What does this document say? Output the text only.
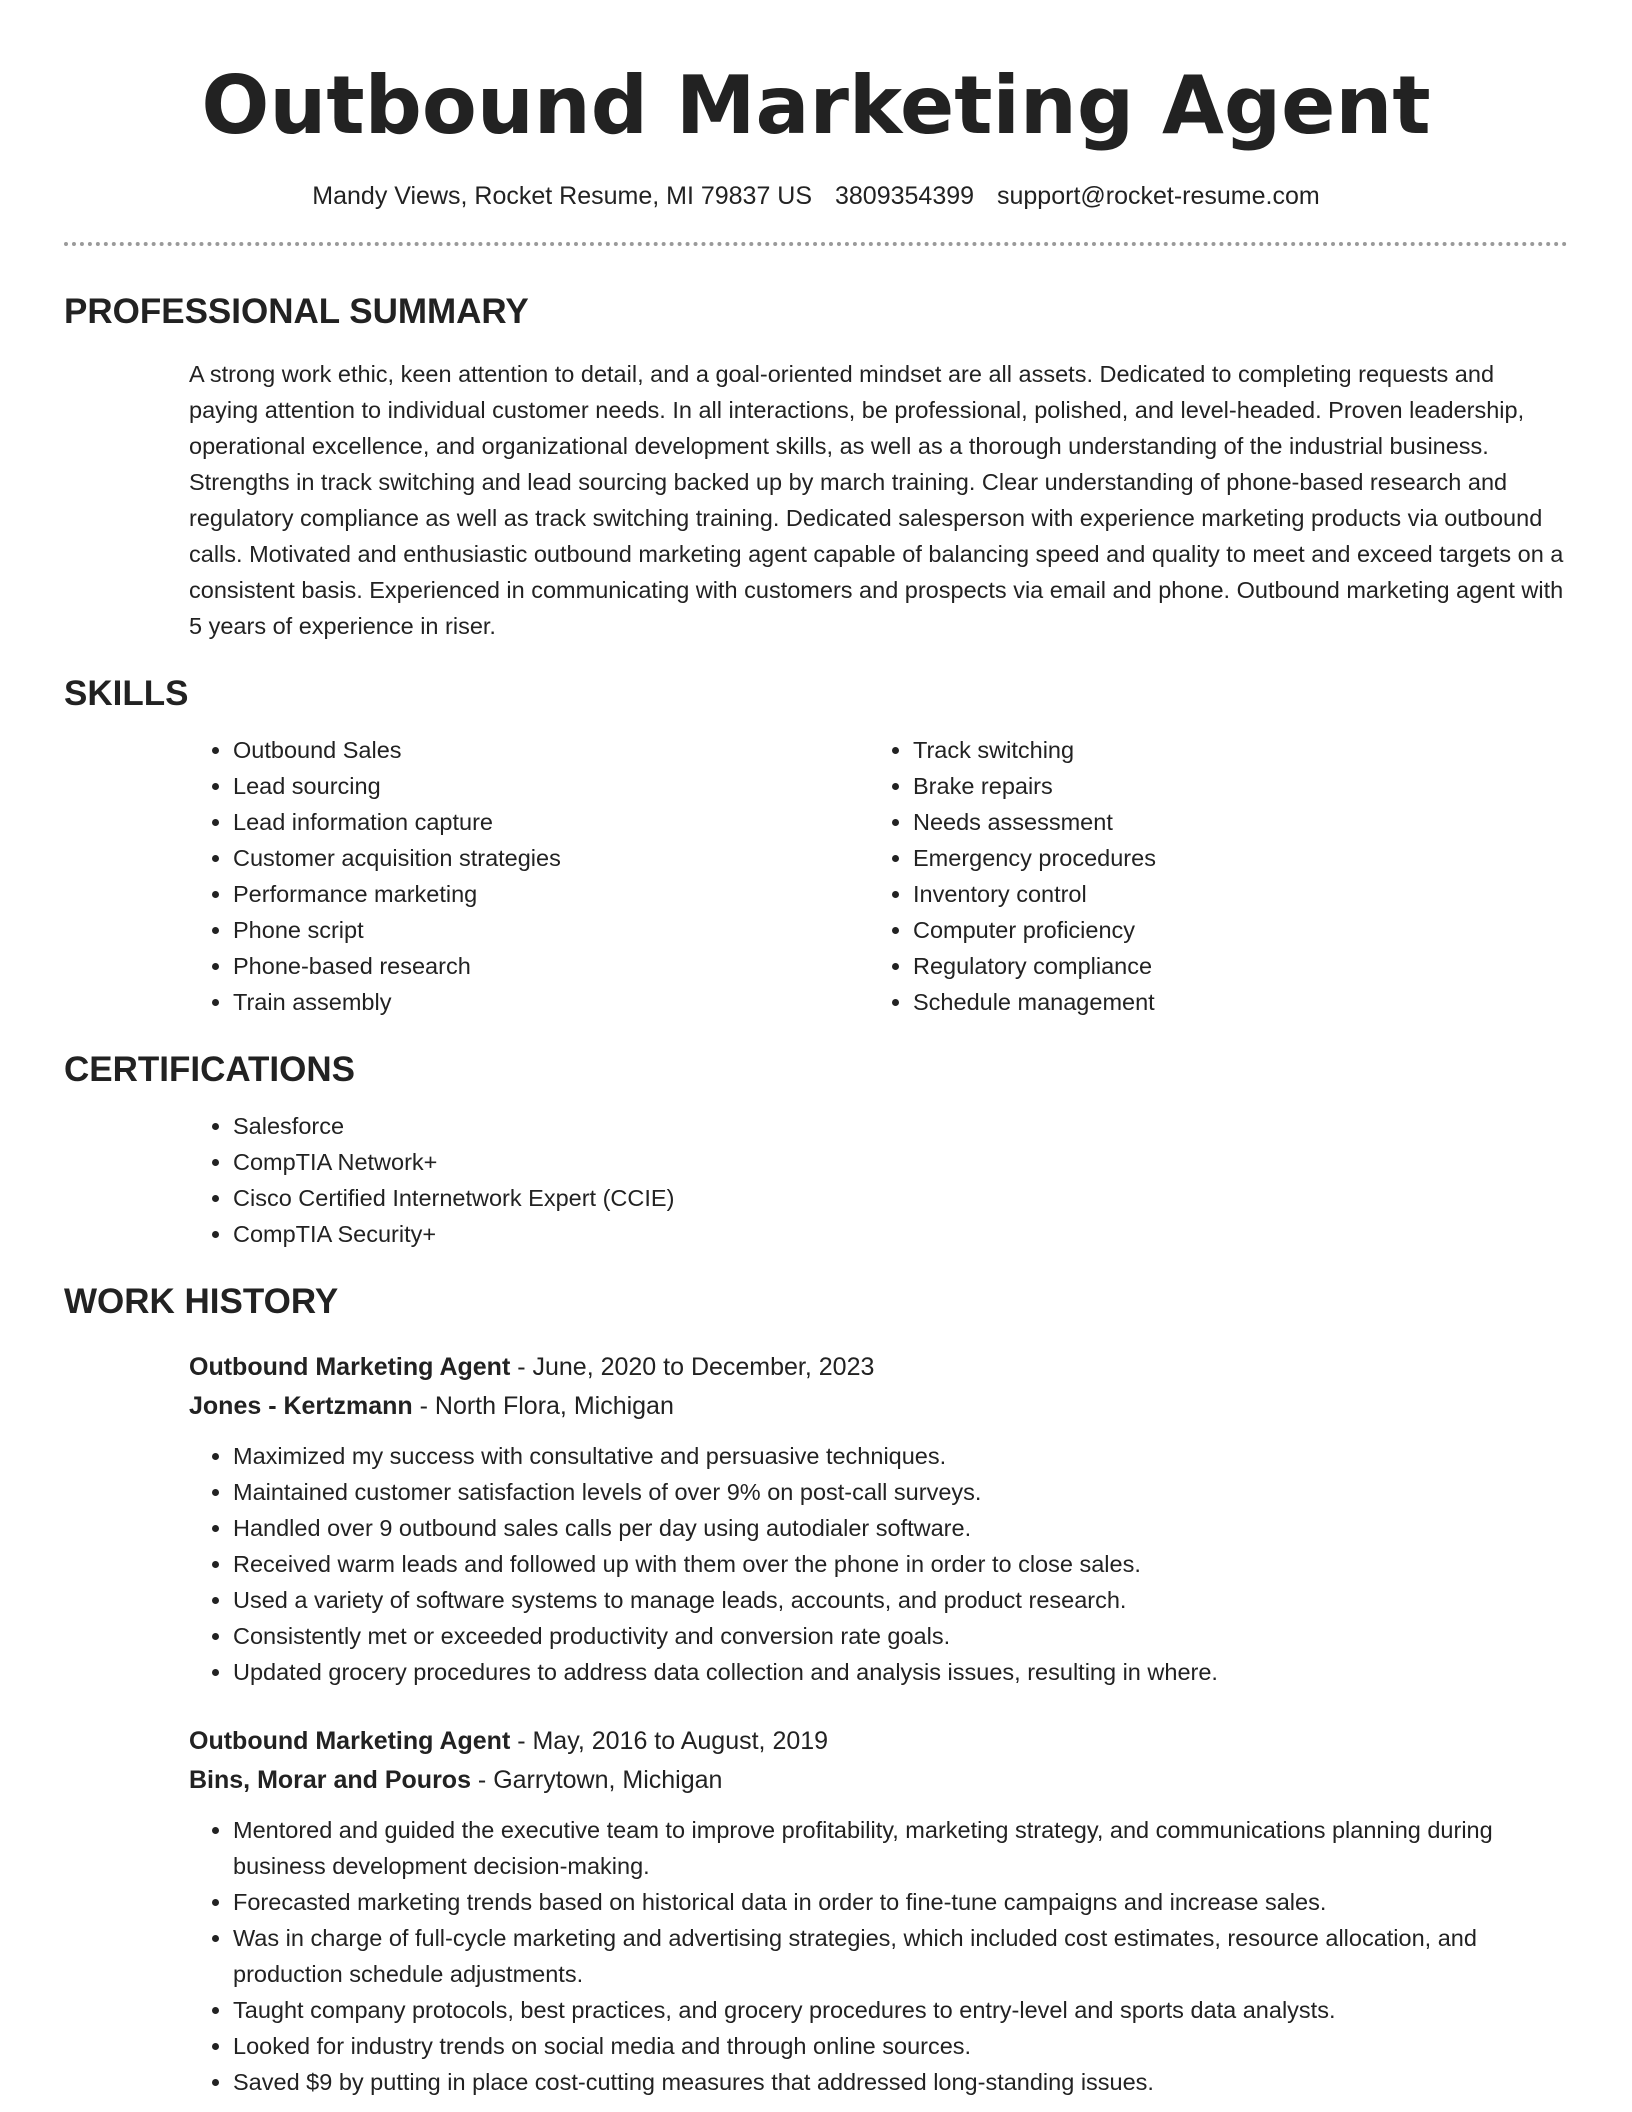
Outbound Marketing Agent
Mandy Views, Rocket Resume, MI 79837 US 3809354399 support@rocket-resume.com
PROFESSIONAL SUMMARY

A strong work ethic, keen attention to detail, and a goal-oriented mindset are all assets. Dedicated to completing requests and paying attention to individual customer needs. In all interactions, be professional, polished, and level-headed. Proven leadership, operational excellence, and organizational development skills, as well as a thorough understanding of the industrial business. Strengths in track switching and lead sourcing backed up by march training. Clear understanding of phone-based research and regulatory compliance as well as track switching training. Dedicated salesperson with experience marketing products via outbound calls. Motivated and enthusiastic outbound marketing agent capable of balancing speed and quality to meet and exceed targets on a consistent basis. Experienced in communicating with customers and prospects via email and phone. Outbound marketing agent with 5 years of experience in riser.

SKILLS
• Outbound Sales
• Lead sourcing
• Lead information capture
• Customer acquisition strategies
• Performance marketing
• Phone script
• Phone-based research
• Train assembly
• Track switching
• Brake repairs
• Needs assessment
• Emergency procedures
• Inventory control
• Computer proficiency
• Regulatory compliance
• Schedule management
CERTIFICATIONS
• Salesforce
• CompTIA Network+
• Cisco Certified Internetwork Expert (CCIE)
• CompTIA Security+
WORK HISTORY
Outbound Marketing Agent - June, 2020 to December, 2023
Jones - Kertzmann - North Flora, Michigan
• Maximized my success with consultative and persuasive techniques.
• Maintained customer satisfaction levels of over 9% on post-call surveys.
• Handled over 9 outbound sales calls per day using autodialer software.
• Received warm leads and followed up with them over the phone in order to close sales.
• Used a variety of software systems to manage leads, accounts, and product research.
• Consistently met or exceeded productivity and conversion rate goals.
• Updated grocery procedures to address data collection and analysis issues, resulting in where.
Outbound Marketing Agent - May, 2016 to August, 2019
Bins, Morar and Pouros - Garrytown, Michigan
• Mentored and guided the executive team to improve profitability, marketing strategy, and communications planning during business development decision-making.
• Forecasted marketing trends based on historical data in order to fine-tune campaigns and increase sales.
• Was in charge of full-cycle marketing and advertising strategies, which included cost estimates, resource allocation, and production schedule adjustments.
• Taught company protocols, best practices, and grocery procedures to entry-level and sports data analysts.
• Looked for industry trends on social media and through online sources.
• Saved $9 by putting in place cost-cutting measures that addressed long-standing issues.
